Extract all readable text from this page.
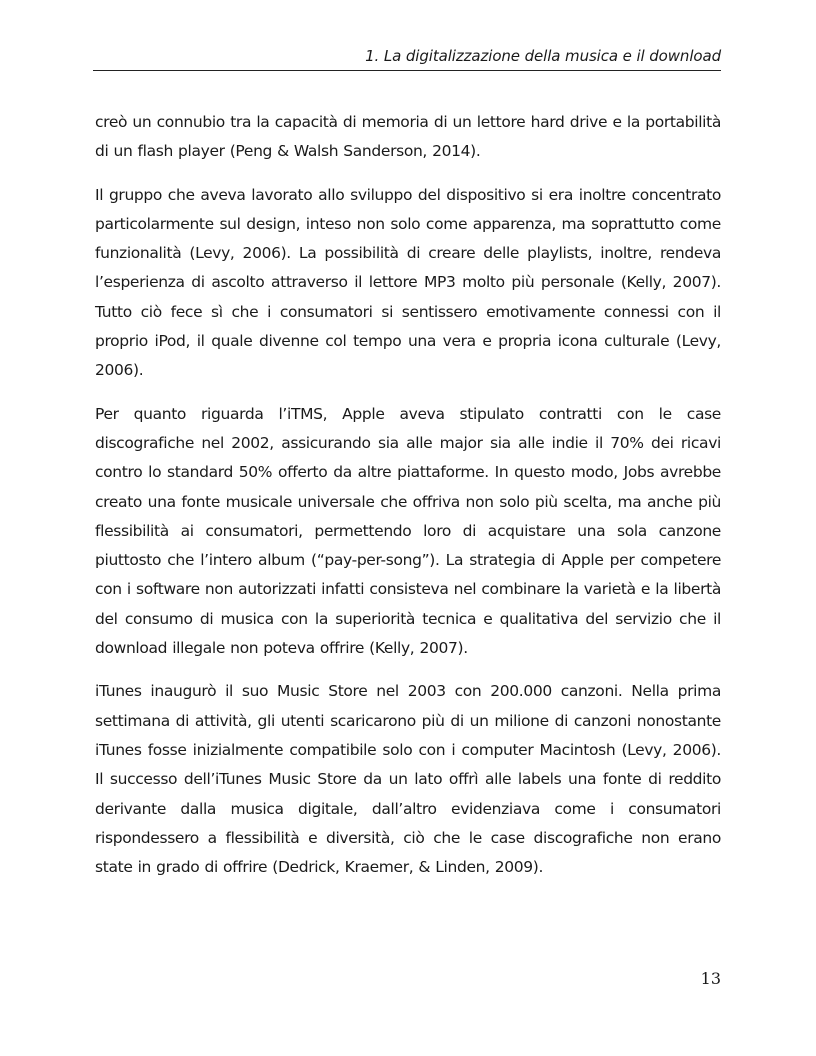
1. La digitalizzazione della musica e il download

creò un connubio tra la capacità di memoria di un lettore hard drive e la portabilità di un flash player (Peng & Walsh Sanderson, 2014).

Il gruppo che aveva lavorato allo sviluppo del dispositivo si era inoltre concentrato particolarmente sul design, inteso non solo come apparenza, ma soprattutto come funzionalità (Levy, 2006). La possibilità di creare delle playlists, inoltre, rendeva l’esperienza di ascolto attraverso il lettore MP3 molto più personale (Kelly, 2007). Tutto ciò fece sì che i consumatori si sentissero emotivamente connessi con il proprio iPod, il quale divenne col tempo una vera e propria icona culturale (Levy, 2006).

Per quanto riguarda l’iTMS, Apple aveva stipulato contratti con le case discografiche nel 2002, assicurando sia alle major sia alle indie il 70% dei ricavi contro lo standard 50% offerto da altre piattaforme. In questo modo, Jobs avrebbe creato una fonte musicale universale che offriva non solo più scelta, ma anche più flessibilità ai consumatori, permettendo loro di acquistare una sola canzone piuttosto che l’intero album (“pay-per-song”). La strategia di Apple per competere con i software non autorizzati infatti consisteva nel combinare la varietà e la libertà del consumo di musica con la superiorità tecnica e qualitativa del servizio che il download illegale non poteva offrire (Kelly, 2007).

iTunes inaugurò il suo Music Store nel 2003 con 200.000 canzoni. Nella prima settimana di attività, gli utenti scaricarono più di un milione di canzoni nonostante iTunes fosse inizialmente compatibile solo con i computer Macintosh (Levy, 2006). Il successo dell’iTunes Music Store da un lato offrì alle labels una fonte di reddito derivante dalla musica digitale, dall’altro evidenziava come i consumatori rispondessero a flessibilità e diversità, ciò che le case discografiche non erano state in grado di offrire (Dedrick, Kraemer, & Linden, 2009).

13
